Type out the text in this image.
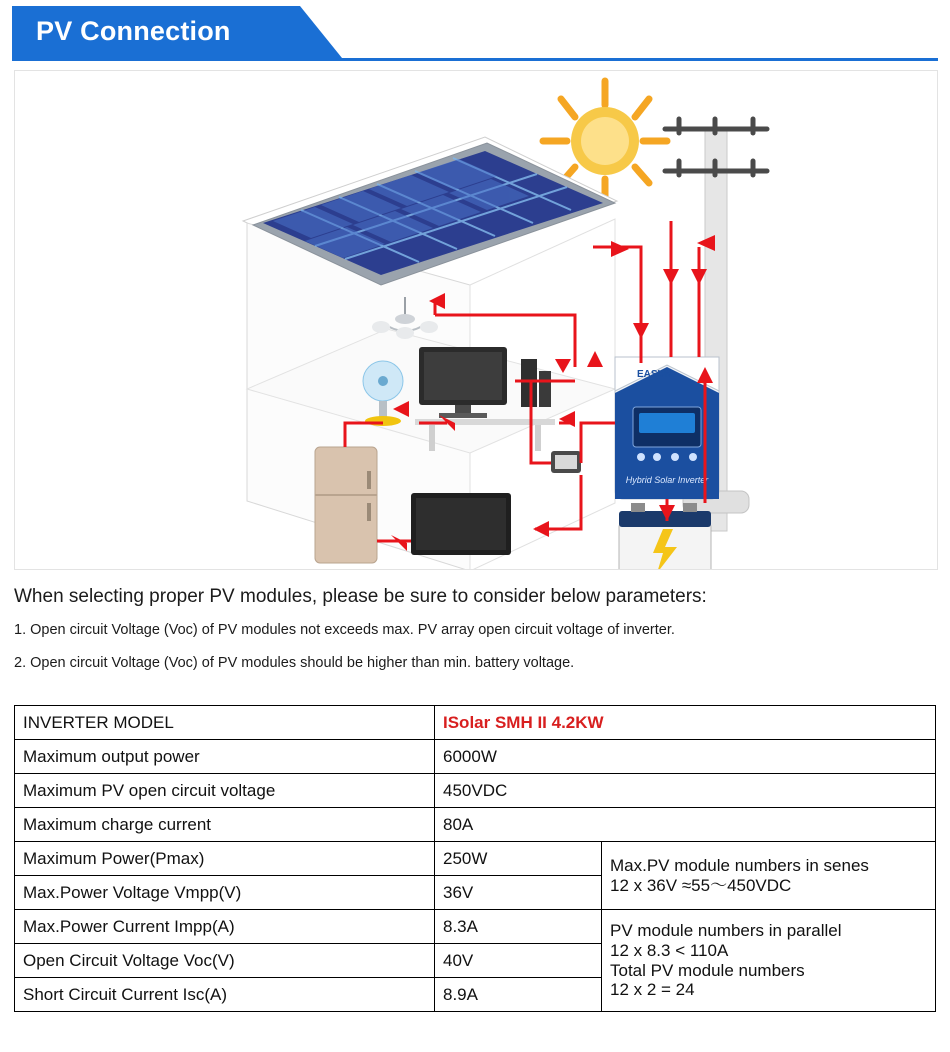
PV Connection
Hybrid Solar Inverter
EASUN
When selecting proper PV modules, please be sure to consider below parameters:
1. Open circuit Voltage (Voc) of PV modules not exceeds max. PV array open circuit voltage of inverter.
2. Open circuit Voltage (Voc) of PV modules should be higher than min. battery voltage.
INVERTER MODEL	ISolar SMH II 4.2KW	
Maximum output power	6000W	
Maximum PV open circuit voltage	450VDC	
Maximum charge current	80A	
Maximum Power(Pmax)	250W	Max.PV module numbers in senes
12 x 36V ≈55〜450VDC

Max.Power Voltage Vmpp(V)	36V	
Max.Power Current Impp(A)	8.3A	PV module numbers in parallel
12 x 8.3 < 110A
Total PV module numbers
12 x 2 = 24

Open Circuit Voltage Voc(V)	40V	
Short Circuit Current Isc(A)	8.9A	
